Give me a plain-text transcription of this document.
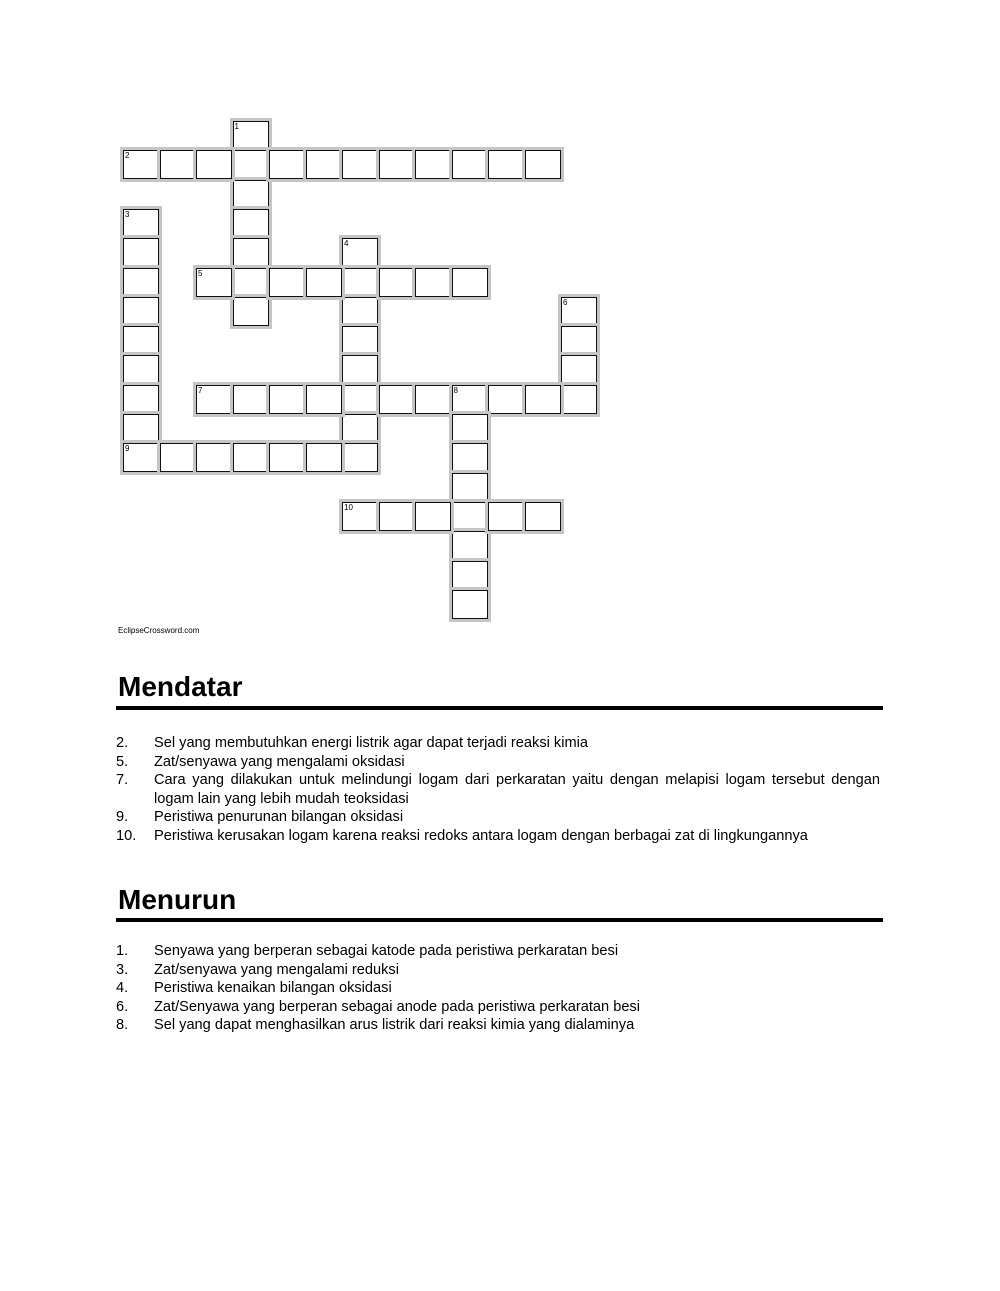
1
2
3
4
5
6
7	8
9
10
EclipseCrossword.com
Mendatar
2.	Sel yang membutuhkan energi listrik agar dapat terjadi reaksi kimia
5.	Zat/senyawa yang mengalami oksidasi
7.	Cara yang dilakukan untuk melindungi logam dari perkaratan yaitu dengan melapisi logam tersebut dengan logam lain yang lebih mudah teoksidasi
9.	Peristiwa penurunan bilangan oksidasi
10.	Peristiwa kerusakan logam karena reaksi redoks antara logam dengan berbagai zat di lingkungannya
Menurun
1.	Senyawa yang berperan sebagai katode pada peristiwa perkaratan besi
3.	Zat/senyawa yang mengalami reduksi
4.	Peristiwa kenaikan bilangan oksidasi
6.	Zat/Senyawa yang berperan sebagai anode pada peristiwa perkaratan besi
8.	Sel yang dapat menghasilkan arus listrik dari reaksi kimia yang dialaminya
